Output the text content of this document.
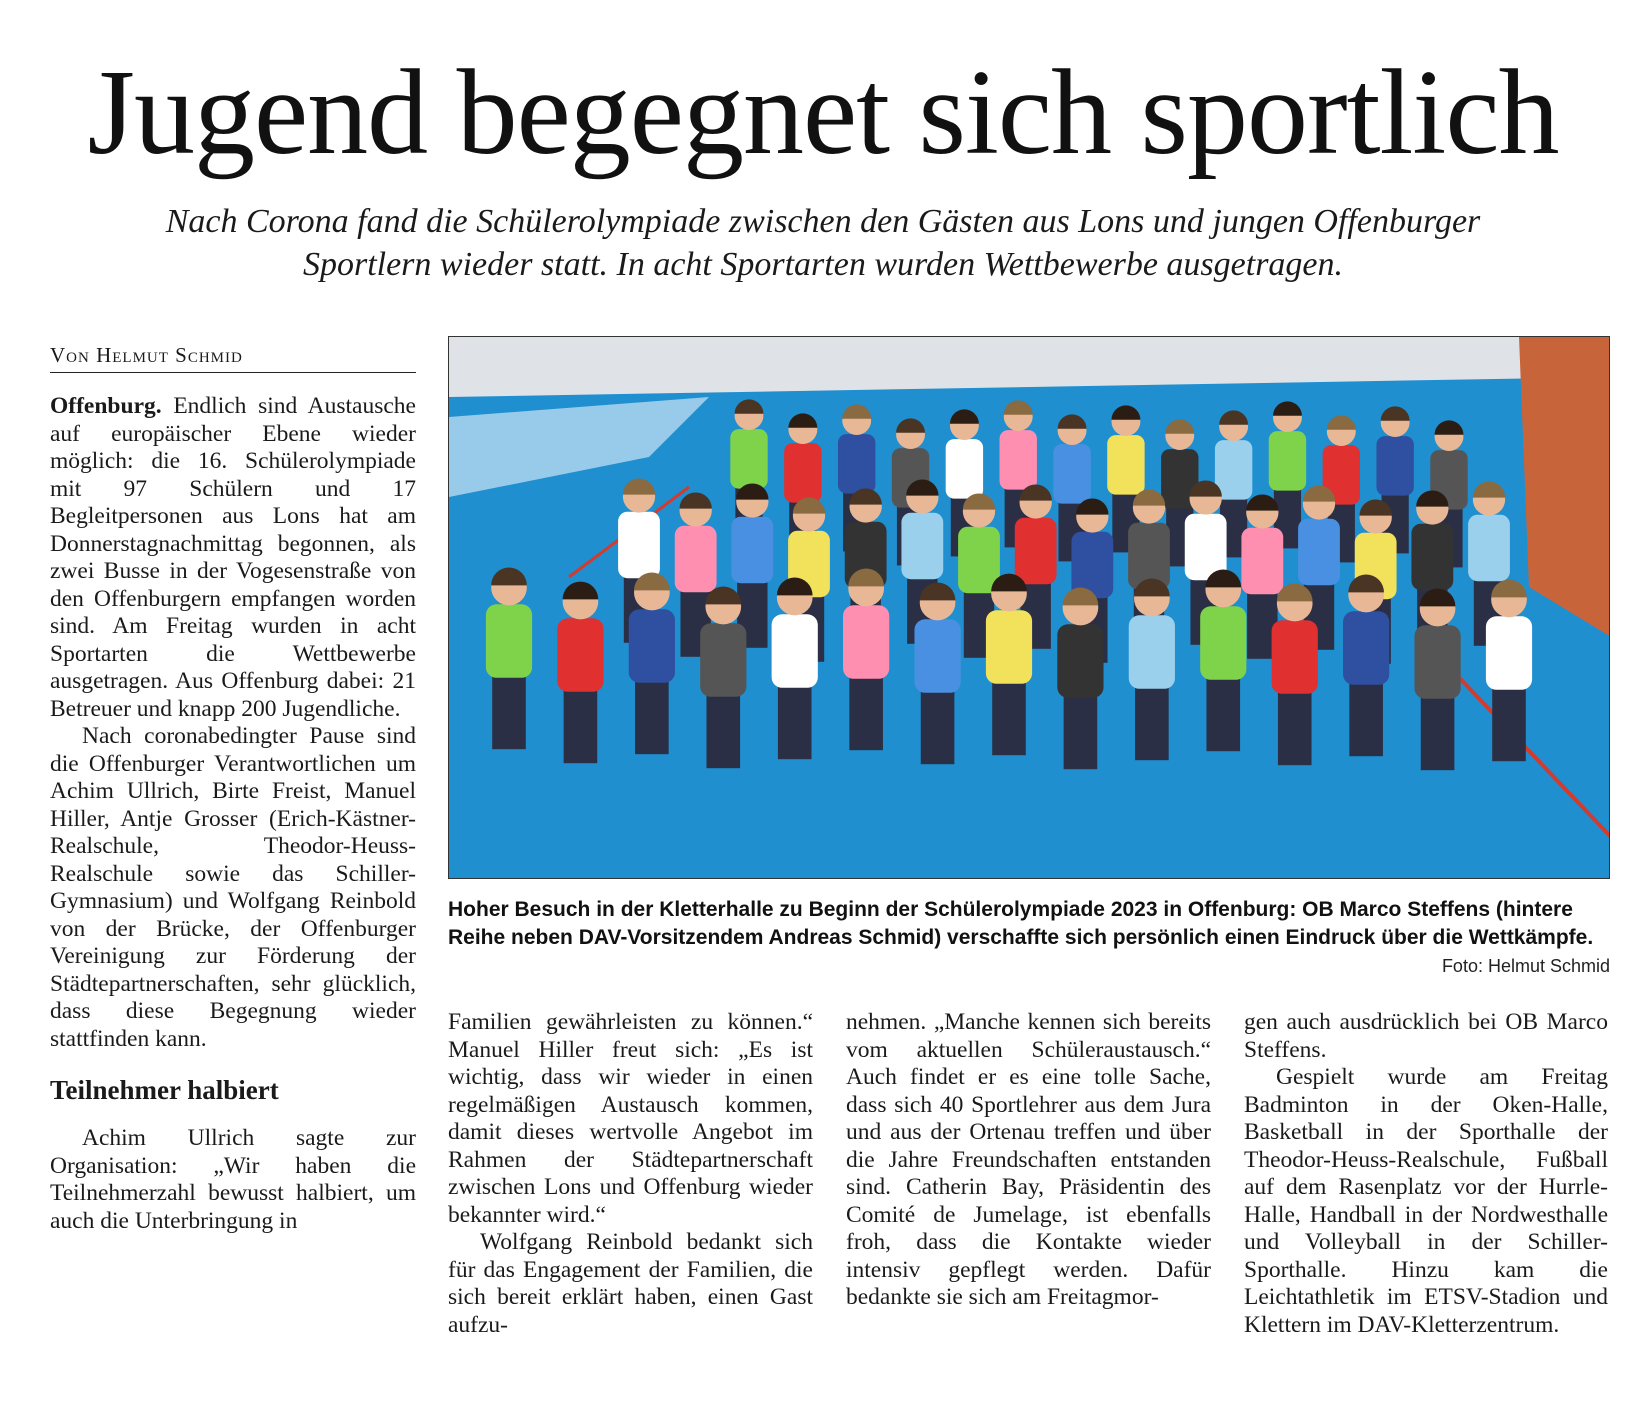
Jugend begegnet sich sportlich

Nach Corona fand die Schülerolympiade zwischen den Gästen aus Lons und jungen Offenburger Sportlern wieder statt. In acht Sportarten wurden Wettbewerbe ausgetragen.

Von Helmut Schmid

Offenburg. Endlich sind Austausche auf europäischer Ebene wieder möglich: die 16. Schülerolympiade mit 97 Schülern und 17 Begleitpersonen aus Lons hat am Donnerstagnachmittag begonnen, als zwei Busse in der Vogesenstraße von den Offenburgern empfangen worden sind. Am Freitag wurden in acht Sportarten die Wettbewerbe ausgetragen. Aus Offenburg dabei: 21 Betreuer und knapp 200 Jugendliche.

Nach coronabedingter Pause sind die Offenburger Verantwortlichen um Achim Ullrich, Birte Freist, Manuel Hiller, Antje Grosser (Erich-Kästner-Realschule, Theodor-Heuss-Realschule sowie das Schiller-Gymnasium) und Wolfgang Reinbold von der Brücke, der Offenburger Vereinigung zur Förderung der Städtepartnerschaften, sehr glücklich, dass diese Begegnung wieder stattfinden kann.

Teilnehmer halbiert

Achim Ullrich sagte zur Organisation: „Wir haben die Teilnehmerzahl bewusst halbiert, um auch die Unterbringung in

Hoher Besuch in der Kletterhalle zu Beginn der Schülerolympiade 2023 in Offenburg: OB Marco Steffens (hintere Reihe neben DAV-Vorsitzendem Andreas Schmid) verschaffte sich persönlich einen Eindruck über die Wettkämpfe.
Foto: Helmut Schmid

Familien gewährleisten zu können.“ Manuel Hiller freut sich: „Es ist wichtig, dass wir wieder in einen regelmäßigen Austausch kommen, damit dieses wertvolle Angebot im Rahmen der Städtepartnerschaft zwischen Lons und Offenburg wieder bekannter wird.“

Wolfgang Reinbold bedankt sich für das Engagement der Familien, die sich bereit erklärt haben, einen Gast aufzu-

nehmen. „Manche kennen sich bereits vom aktuellen Schüleraustausch.“ Auch findet er es eine tolle Sache, dass sich 40 Sportlehrer aus dem Jura und aus der Ortenau treffen und über die Jahre Freundschaften entstanden sind. Catherin Bay, Präsidentin des Comité de Jumelage, ist ebenfalls froh, dass die Kontakte wieder intensiv gepflegt werden. Dafür bedankte sie sich am Freitagmor-

gen auch ausdrücklich bei OB Marco Steffens.

Gespielt wurde am Freitag Badminton in der Oken-Halle, Basketball in der Sporthalle der Theodor-Heuss-Realschule, Fußball auf dem Rasenplatz vor der Hurrle-Halle, Handball in der Nordwesthalle und Volleyball in der Schiller-Sporthalle. Hinzu kam die Leichtathletik im ETSV-Stadion und Klettern im DAV-Kletterzentrum.
